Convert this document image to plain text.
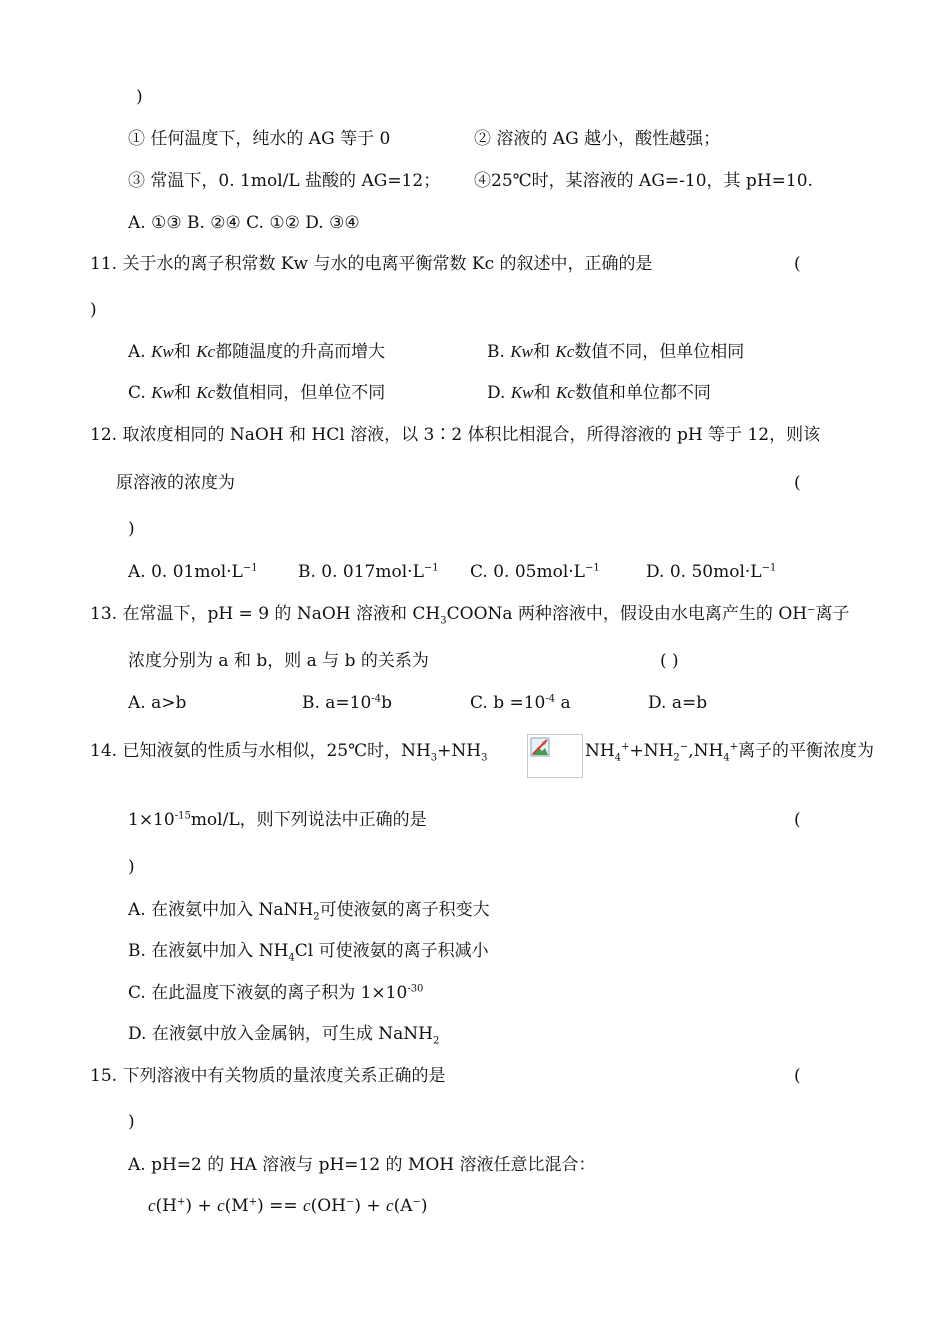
)
① 任何温度下，纯水的 AG 等于 0	② 溶液的 AG 越小，酸性越强；
③ 常温下，0. 1mol/L 盐酸的 AG=12； ④25℃时，某溶液的 AG=-10，其 pH=10.
A. ①③ B. ②④ C. ①② D. ③④
11. 关于水的离子积常数 Kw 与水的电离平衡常数 Kc 的叙述中，正确的是	(
)
A. Kw和 Kc都随温度的升高而增大	B. Kw和 Kc数值不同，但单位相同
C. Kw和 Kc数值相同，但单位不同	D. Kw和 Kc数值和单位都不同
12. 取浓度相同的 NaOH 和 HCl 溶液，以 3∶2 体积比相混合，所得溶液的 pH 等于 12，则该
原溶液的浓度为	(
)
A. 0. $01mol\cdot L^{-1}$ B. 0. $017mol\cdot L^{-1}$ C. 0. $05mol\cdot L^{-1}$	D. 0. $50mol\cdot L^{-1}$
13. 在常温下，pH = 9 的 NaOH 溶液和 $CH_3COONa$ 两种溶液中，假设由水电离产生的 OH−离子
浓度分别为 a 和 b，则 a 与 b 的关系为	( )
A. a>b	B. $a=10^{-4}b$	C. $b =10^{-4}$ a	D. a=b
14. 已知液氨的性质与水相似，25℃时，$NH_3+NH_3$	$NH_4^++NH_2^-,NH_4^+$离子的平衡浓度为
$1\times 10^{-15}mol/L$，则下列说法中正确的是	(
)
A. 在液氨中加入 NaNH$_2$可使液氨的离子积变大
B. 在液氨中加入 $NH_4Cl$ 可使液氨的离子积减小
C. 在此温度下液氨的离子积为 $1\times 10^{-30}$
D. 在液氨中放入金属钠，可生成 NaNH$_2$
15. 下列溶液中有关物质的量浓度关系正确的是	(
)
A. pH=2 的 HA 溶液与 pH=12 的 MOH 溶液任意比混合：
c(H+) + c(M+) == c(OH−) + c(A−)
